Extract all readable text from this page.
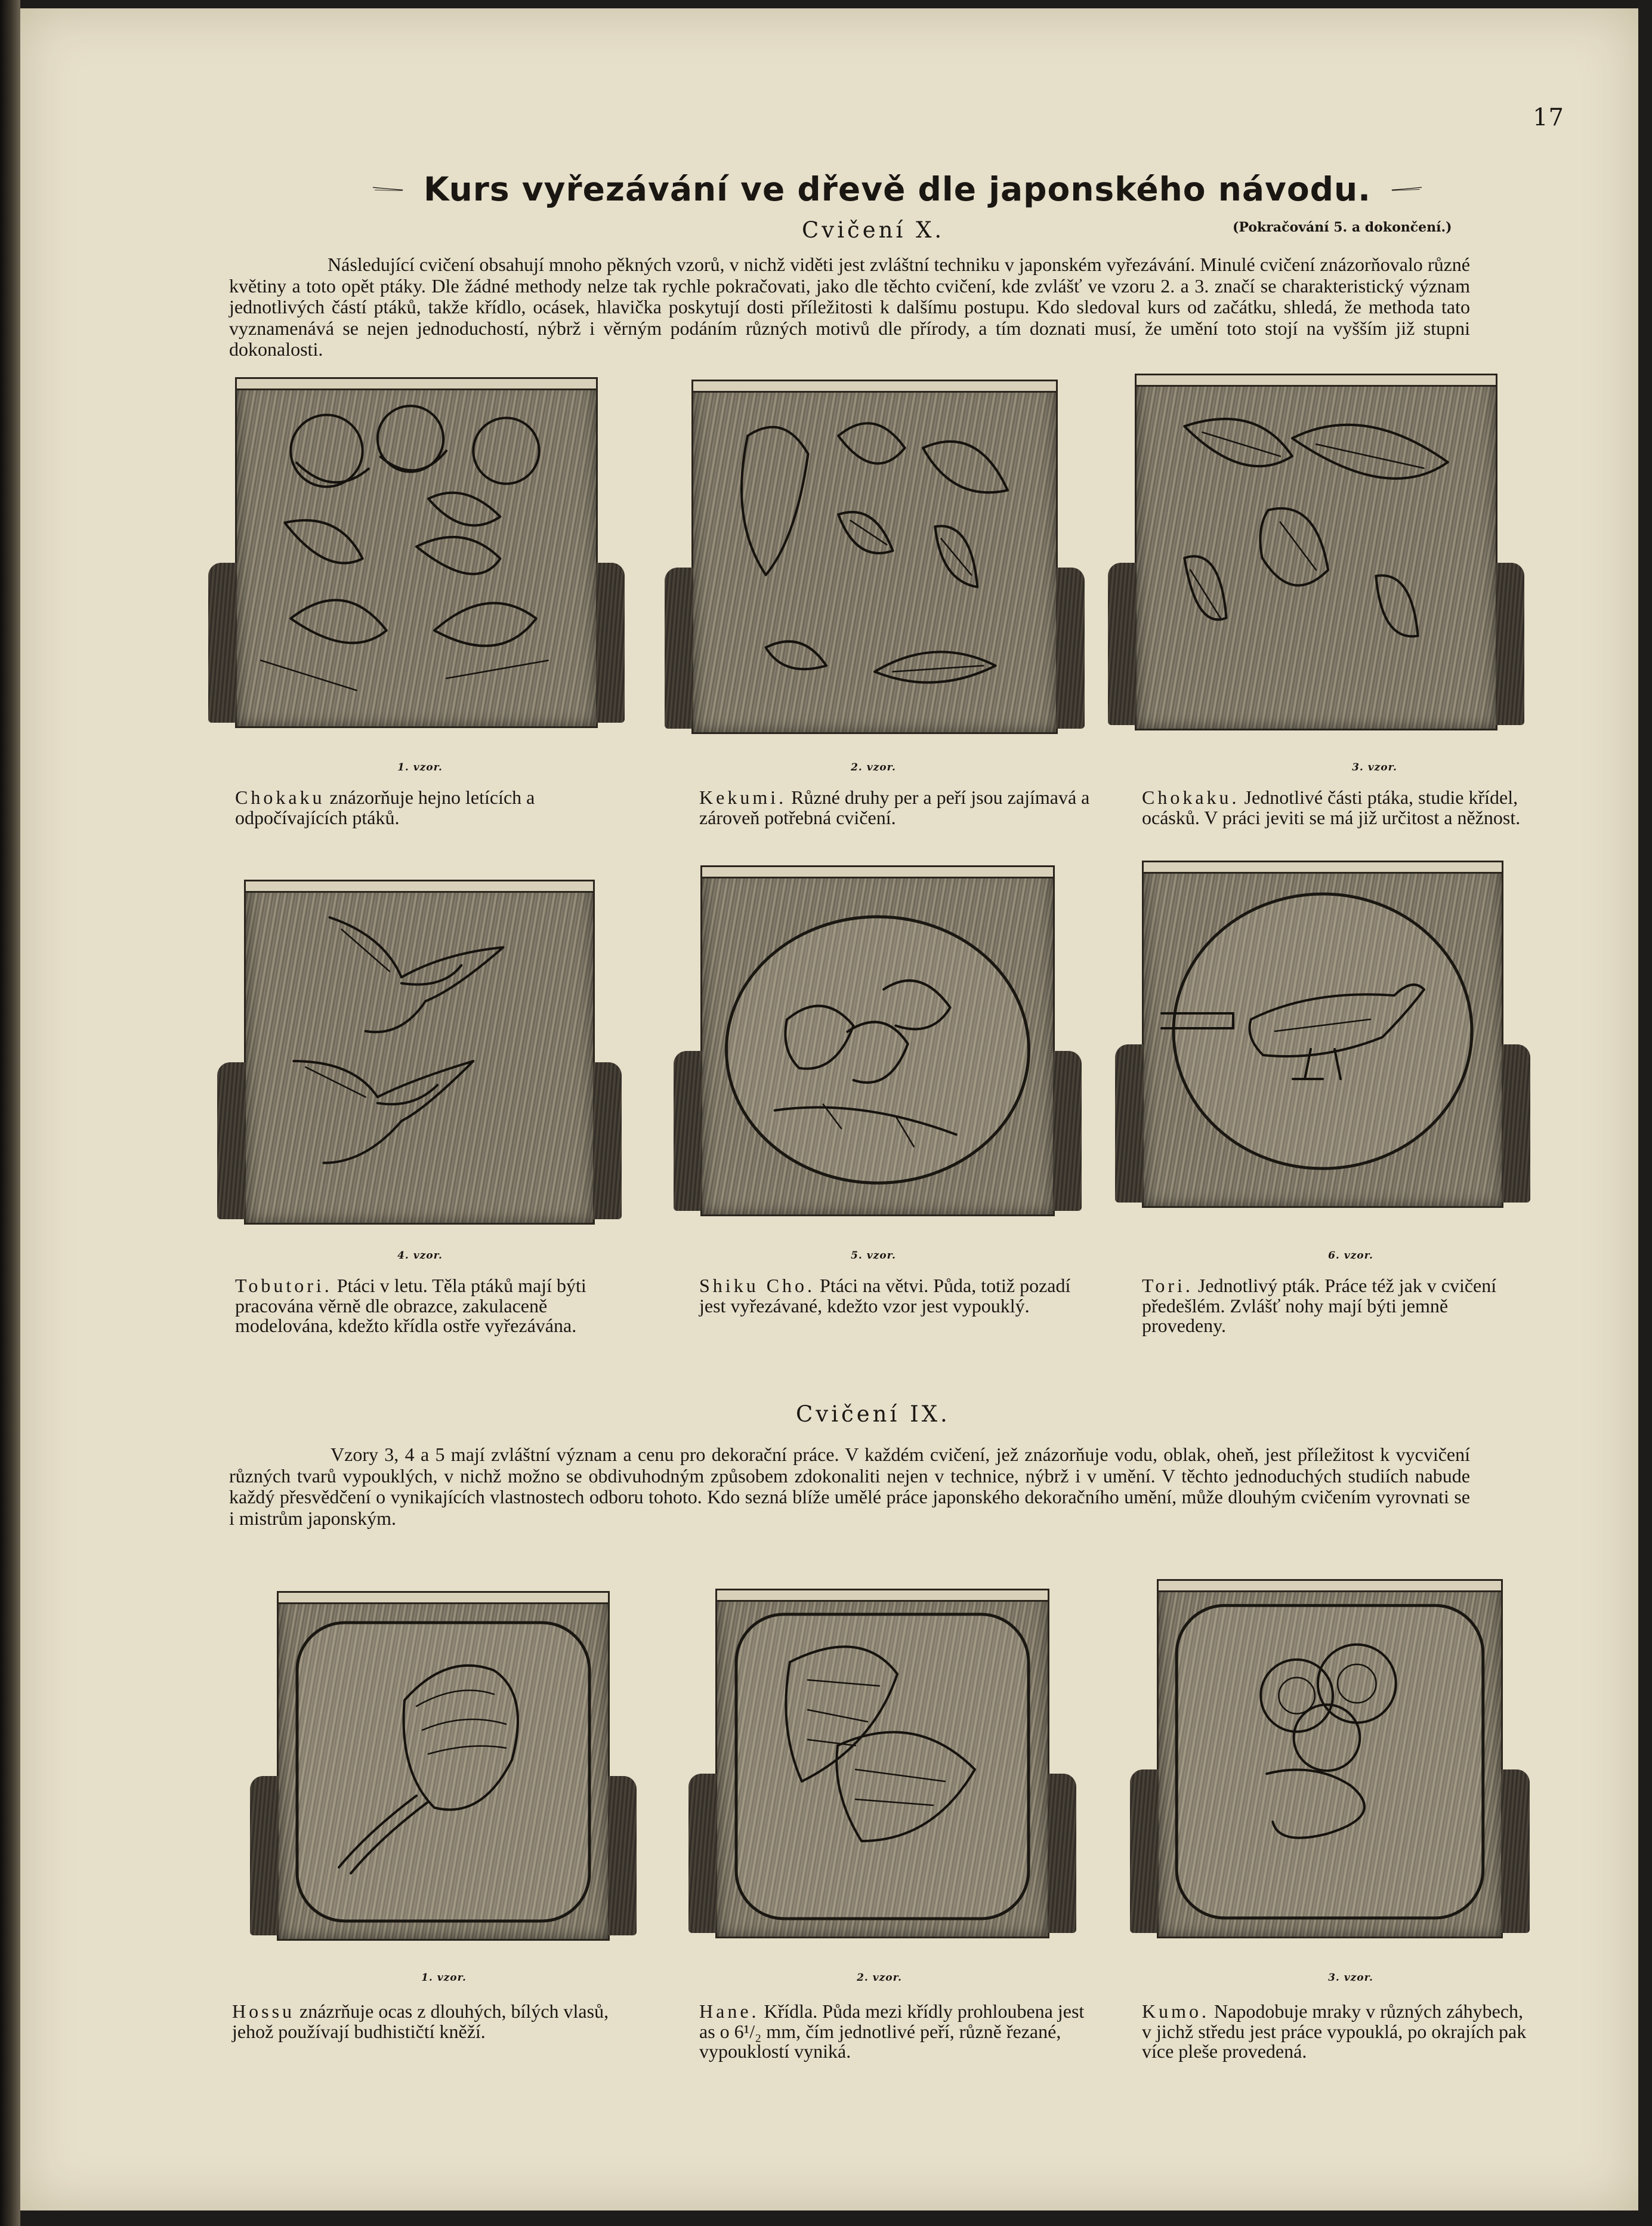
17
Kurs vyřezávání ve dřevě dle japonského návodu.
Cvičení X.	(Pokračování 5. a dokončení.)
Následující cvičení obsahují mnoho pěkných vzorů, v nichž viděti jest zvláštní techniku v japonském vyřezávání. Minulé cvičení znázorňovalo různé květiny a toto opět ptáky. Dle žádné methody nelze tak rychle pokračovati, jako dle těchto cvičení, kde zvlášť ve vzoru 2. a 3. značí se charakteristický význam jednotlivých částí ptáků, takže křídlo, ocásek, hlavička poskytují dosti příležitosti k dalšímu postupu. Kdo sledoval kurs od začátku, shledá, že methoda tato vyznamenává se nejen jednoduchostí, nýbrž i věrným podáním různých motivů dle přírody, a tím doznati musí, že umění toto stojí na vyšším již stupni dokonalosti.
1. vzor.
Chokaku znázorňuje hejno letících a odpočívajících ptáků.
2. vzor.
Kekumi. Různé druhy per a peří jsou zajímavá a zároveň potřebná cvičení.
3. vzor.
Chokaku. Jednotlivé části ptáka, studie křídel, ocásků. V práci jeviti se má již určitost a něžnost.
4. vzor.
Tobutori. Ptáci v letu. Těla ptáků mají býti pracována věrně dle obrazce, zakulaceně modelována, kdežto křídla ostře vyřezávána.
5. vzor.
Shiku Cho. Ptáci na větvi. Půda, totiž pozadí jest vyřezávané, kdežto vzor jest vypouklý.
6. vzor.
Tori. Jednotlivý pták. Práce též jak v cvičení předešlém. Zvlášť nohy mají býti jemně provedeny.
Cvičení IX.
Vzory 3, 4 a 5 mají zvláštní význam a cenu pro dekorační práce. V každém cvičení, jež znázorňuje vodu, oblak, oheň, jest příležitost k vycvičení různých tvarů vypouklých, v nichž možno se obdivuhodným způsobem zdokonaliti nejen v technice, nýbrž i v umění. V těchto jednoduchých studiích nabude každý přesvědčení o vynikajících vlastnostech odboru tohoto. Kdo sezná blíže umělé práce japonského dekoračního umění, může dlouhým cvičením vyrovnati se i mistrům japonským.
1. vzor.
Hossu znázrňuje ocas z dlouhých, bílých vlasů, jehož používají budhističtí kněží.
2. vzor.
Hane. Křídla. Půda mezi křídly prohloubena jest as o 6¹/₂ mm, čím jednotlivé peří, různě řezané, vypouklostí vyniká.
3. vzor.
Kumo. Napodobuje mraky v různých záhybech, v jichž středu jest práce vypouklá, po okrajích pak více pleše provedená.
